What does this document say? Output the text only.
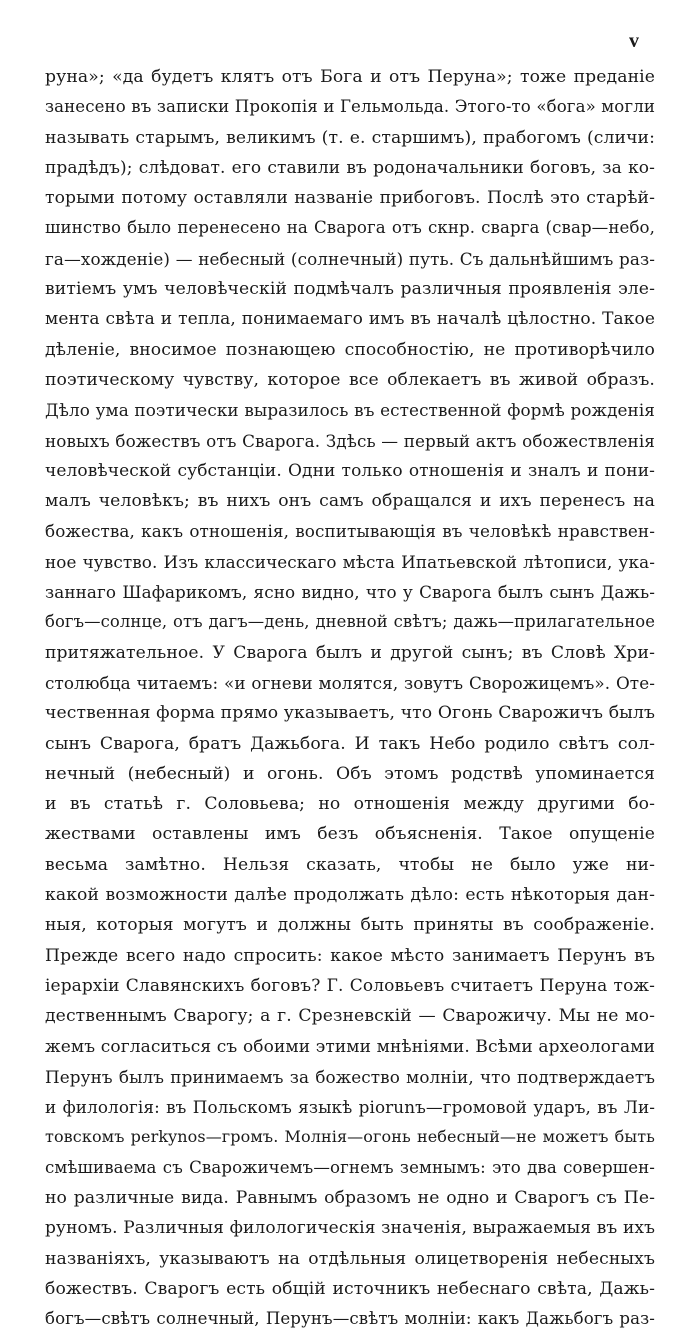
v
руна»; «да будетъ клятъ отъ Бога и отъ Перуна»; тоже преданіе
занесено въ записки Прокопія и Гельмольда. Этого-то «бога» могли
называть старымъ, великимъ (т. е. старшимъ), прабогомъ (сличи:
прадѣдъ); слѣдоват. его ставили въ родоначальники боговъ, за ко-
торыми потому оставляли названіе прибоговъ. Послѣ это старѣй-
шинство было перенесено на Сварога отъ скнр. сварга (свар—небо,
га—хожденіе) — небесный (солнечный) путь. Съ дальнѣйшимъ раз-
витіемъ умъ человѣческій подмѣчалъ различныя проявленія эле-
мента свѣта и тепла, понимаемаго имъ въ началѣ цѣлостно. Такое
дѣленіе, вносимое познающею способностію, не противорѣчило
поэтическому чувству, которое все облекаетъ въ живой образъ.
Дѣло ума поэтически выразилось въ естественной формѣ рожденія
новыхъ божествъ отъ Сварога. Здѣсь — первый актъ обожествленія
человѣческой субстанціи. Одни только отношенія и зналъ и пони-
малъ человѣкъ; въ нихъ онъ самъ обращался и ихъ перенесъ на
божества, какъ отношенія, воспитывающія въ человѣкѣ нравствен-
ное чувство. Изъ классическаго мѣста Ипатьевской лѣтописи, ука-
заннаго Шафарикомъ, ясно видно, что у Сварога былъ сынъ Дажь-
богъ—солнце, отъ дагъ—день, дневной свѣтъ; дажь—прилагательное
притяжательное. У Сварога былъ и другой сынъ; въ Словѣ Хри-
столюбца читаемъ: «и огневи молятся, зовутъ Сворожицемъ». Оте-
чественная форма прямо указываетъ, что Огонь Сварожичъ былъ
сынъ Сварога, братъ Дажьбога. И такъ Небо родило свѣтъ сол-
нечный (небесный) и огонь. Объ этомъ родствѣ упоминается
и въ статьѣ г. Соловьева; но отношенія между другими бо-
жествами оставлены имъ безъ объясненія. Такое опущеніе
весьма замѣтно. Нельзя сказать, чтобы не было уже ни-
какой возможности далѣе продолжать дѣло: есть нѣкоторыя дан-
ныя, которыя могутъ и должны быть приняты въ соображеніе.
Прежде всего надо спросить: какое мѣсто занимаетъ Перунъ въ
іерархіи Славянскихъ боговъ? Г. Соловьевъ считаетъ Перуна тож-
дественнымъ Сварогу; а г. Срезневскій — Сварожичу. Мы не мо-
жемъ согласиться съ обоими этими мнѣніями. Всѣми археологами
Перунъ былъ принимаемъ за божество молніи, что подтверждаетъ
и филологія: въ Польскомъ языкѣ piorunъ—громовой ударъ, въ Ли-
товскомъ perkynos—громъ. Молнія—огонь небесный—не можетъ быть
смѣшиваема съ Сварожичемъ—огнемъ земнымъ: это два совершен-
но различные вида. Равнымъ образомъ не одно и Сварогъ съ Пе-
руномъ. Различныя филологическія значенія, выражаемыя въ ихъ
названіяхъ, указываютъ на отдѣльныя олицетворенія небесныхъ
божествъ. Сварогъ есть общій источникъ небеснаго свѣта, Дажь-
богъ—свѣтъ солнечный, Перунъ—свѣтъ молніи: какъ Дажьбогъ раз-
